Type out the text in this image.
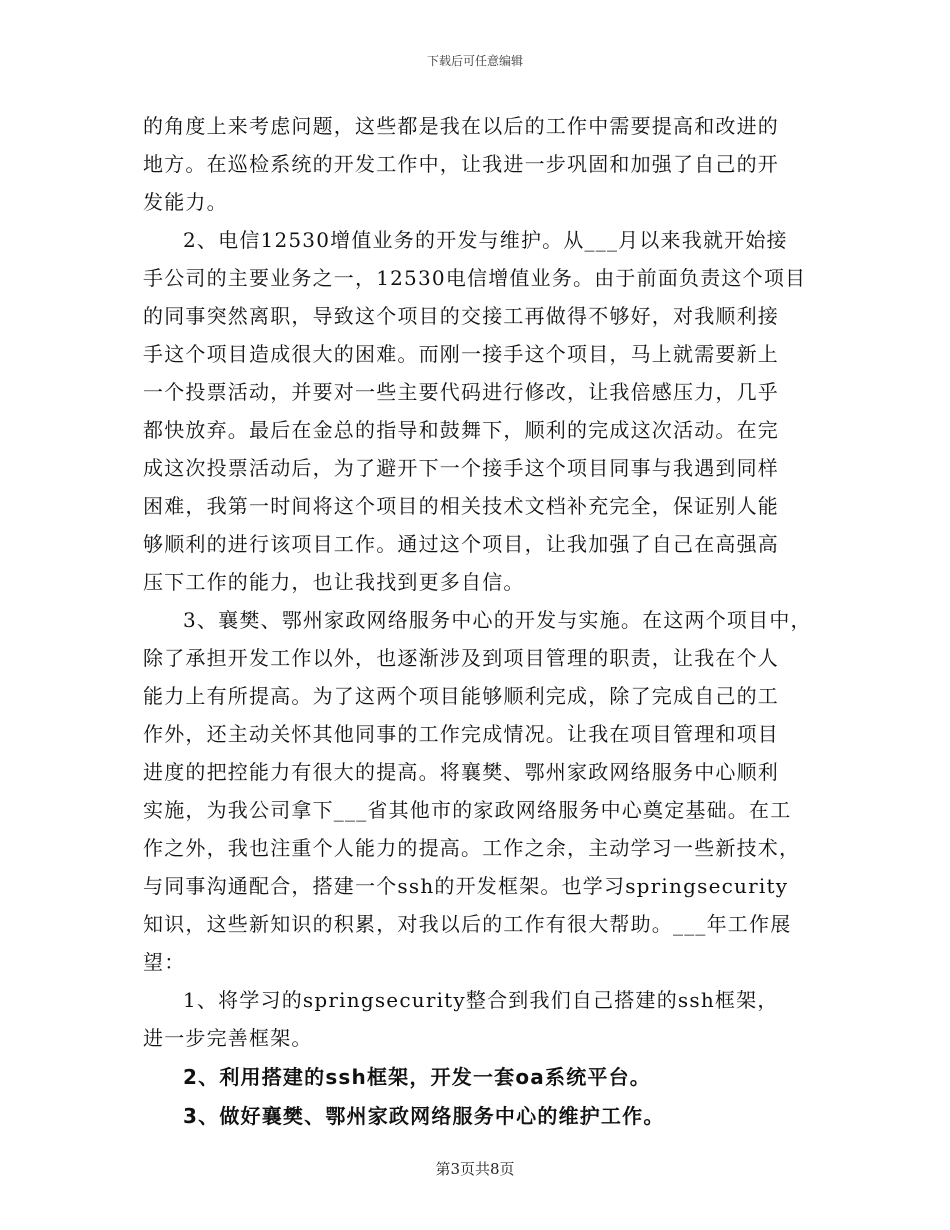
下载后可任意编辑
的角度上来考虑问题，这些都是我在以后的工作中需要提高和改进的
地方。在巡检系统的开发工作中，让我进一步巩固和加强了自己的开
发能力。
2、电信12530增值业务的开发与维护。从___月以来我就开始接
手公司的主要业务之一，12530电信增值业务。由于前面负责这个项目
的同事突然离职，导致这个项目的交接工再做得不够好，对我顺利接
手这个项目造成很大的困难。而刚一接手这个项目，马上就需要新上
一个投票活动，并要对一些主要代码进行修改，让我倍感压力，几乎
都快放弃。最后在金总的指导和鼓舞下，顺利的完成这次活动。在完
成这次投票活动后，为了避开下一个接手这个项目同事与我遇到同样
困难，我第一时间将这个项目的相关技术文档补充完全，保证别人能
够顺利的进行该项目工作。通过这个项目，让我加强了自己在高强高
压下工作的能力，也让我找到更多自信。
3、襄樊、鄂州家政网络服务中心的开发与实施。在这两个项目中，
除了承担开发工作以外，也逐渐涉及到项目管理的职责，让我在个人
能力上有所提高。为了这两个项目能够顺利完成，除了完成自己的工
作外，还主动关怀其他同事的工作完成情况。让我在项目管理和项目
进度的把控能力有很大的提高。将襄樊、鄂州家政网络服务中心顺利
实施，为我公司拿下___省其他市的家政网络服务中心奠定基础。在工
作之外，我也注重个人能力的提高。工作之余，主动学习一些新技术，
与同事沟通配合，搭建一个ssh的开发框架。也学习springsecurity
知识，这些新知识的积累，对我以后的工作有很大帮助。___年工作展
望：
1、将学习的springsecurity整合到我们自己搭建的ssh框架，
进一步完善框架。
2、利用搭建的ssh框架，开发一套oa系统平台。
3、做好襄樊、鄂州家政网络服务中心的维护工作。
第3页共8页
